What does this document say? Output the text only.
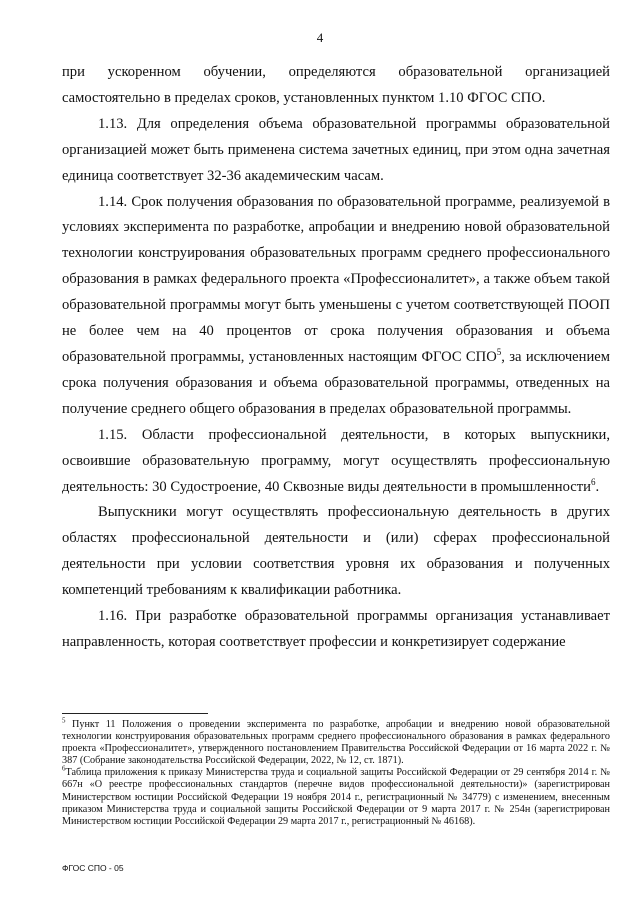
4

при ускоренном обучении, определяются образовательной организацией

самостоятельно в пределах сроков, установленных пунктом 1.10 ФГОС СПО.

1.13. Для определения объема образовательной программы образовательной организацией может быть применена система зачетных единиц, при этом одна зачетная единица соответствует 32-36 академическим часам.

1.14. Срок получения образования по образовательной программе, реализуемой в условиях эксперимента по разработке, апробации и внедрению новой образовательной технологии конструирования образовательных программ среднего профессионального образования в рамках федерального проекта «Профессионалитет», а также объем такой образовательной программы могут быть уменьшены с учетом соответствующей ПООП не более чем на 40 процентов от срока получения образования и объема образовательной программы, установленных настоящим ФГОС СПО$^5$, за исключением срока получения образования и объема образовательной программы, отведенных на получение среднего общего образования в пределах образовательной программы.

1.15. Области профессиональной деятельности, в которых выпускники, освоившие образовательную программу, могут осуществлять профессиональную деятельность: 30 Судостроение, 40 Сквозные виды деятельности в промышленности$^6$.

Выпускники могут осуществлять профессиональную деятельность в других областях профессиональной деятельности и (или) сферах профессиональной деятельности при условии соответствия уровня их образования и полученных компетенций требованиям к квалификации работника.

1.16. При разработке образовательной программы организация устанавливает направленность, которая соответствует профессии и конкретизирует содержание

$^5$ Пункт 11 Положения о проведении эксперимента по разработке, апробации и внедрению новой образовательной технологии конструирования образовательных программ среднего профессионального образования в рамках федерального проекта «Профессионалитет», утвержденного постановлением Правительства Российской Федерации от 16 марта 2022 г. № 387 (Собрание законодательства Российской Федерации, 2022, № 12, ст. 1871).

$^6$Таблица приложения к приказу Министерства труда и социальной защиты Российской Федерации от 29 сентября 2014 г. № 667н «О реестре профессиональных стандартов (перечне видов профессиональной деятельности)» (зарегистрирован Министерством юстиции Российской Федерации 19 ноября 2014 г., регистрационный № 34779) с изменением, внесенным приказом Министерства труда и социальной защиты Российской Федерации от 9 марта 2017 г. № 254н (зарегистрирован Министерством юстиции Российской Федерации 29 марта 2017 г., регистрационный № 46168).

ФГОС СПО - 05
